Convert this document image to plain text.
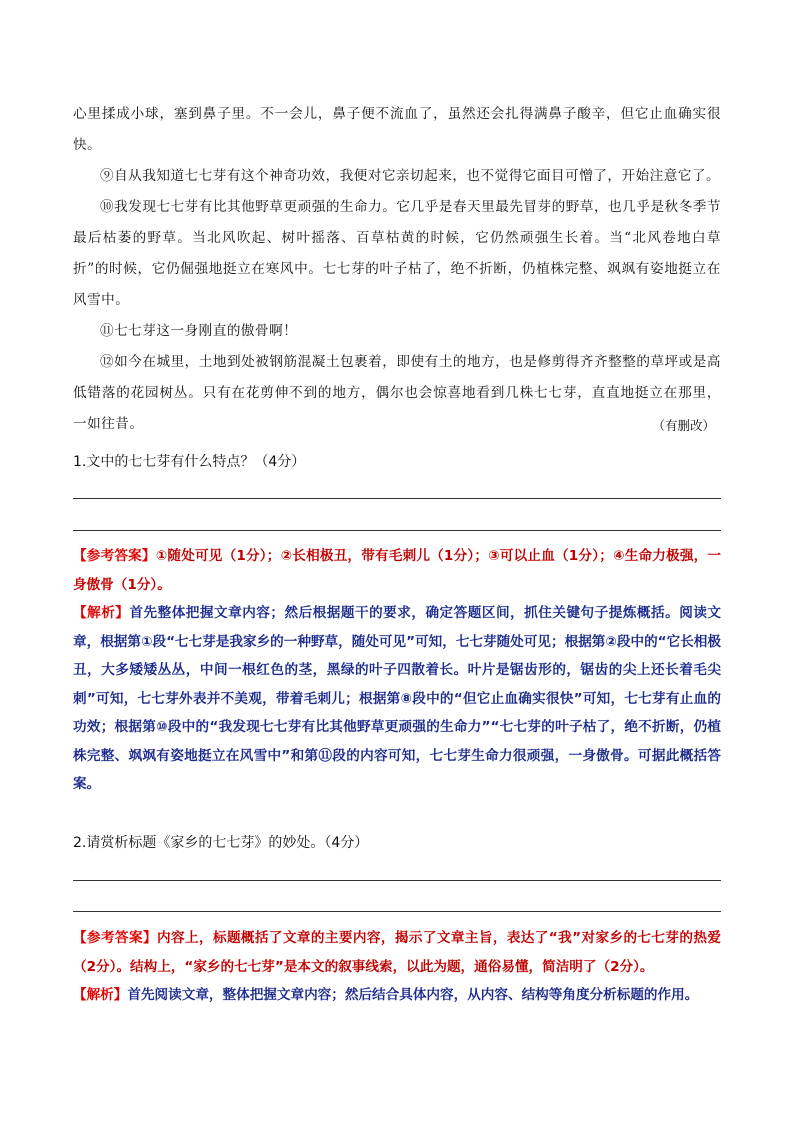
心里揉成小球，塞到鼻子里。不一会儿，鼻子便不流血了，虽然还会扎得满鼻子酸辛，但它止血确实很快。

⑨自从我知道七七芽有这个神奇功效，我便对它亲切起来，也不觉得它面目可憎了，开始注意它了。

⑩我发现七七芽有比其他野草更顽强的生命力。它几乎是春天里最先冒芽的野草，也几乎是秋冬季节最后枯萎的野草。当北风吹起、树叶摇落、百草枯黄的时候，它仍然顽强生长着。当“北风卷地白草折”的时候，它仍倔强地挺立在寒风中。七七芽的叶子枯了，绝不折断，仍植株完整、飒飒有姿地挺立在风雪中。

⑪七七芽这一身刚直的傲骨啊！

⑫如今在城里，土地到处被钢筋混凝土包裹着，即使有土的地方，也是修剪得齐齐整整的草坪或是高低错落的花园树丛。只有在花剪伸不到的地方，偶尔也会惊喜地看到几株七七芽，直直地挺立在那里，一如往昔。	（有删改）
1.文中的七七芽有什么特点？（4分）

【参考答案】①随处可见（1分）；②长相极丑，带有毛刺儿（1分）；③可以止血（1分）；④生命力极强，一身傲骨（1分）。

【解析】首先整体把握文章内容；然后根据题干的要求，确定答题区间，抓住关键句子提炼概括。阅读文章，根据第①段“七七芽是我家乡的一种野草，随处可见”可知，七七芽随处可见；根据第②段中的“它长相极丑，大多矮矮丛丛，中间一根红色的茎，黑绿的叶子四散着长。叶片是锯齿形的，锯齿的尖上还长着毛尖刺”可知，七七芽外表并不美观，带着毛刺儿；根据第⑧段中的“但它止血确实很快”可知，七七芽有止血的功效；根据第⑩段中的“我发现七七芽有比其他野草更顽强的生命力”“七七芽的叶子枯了，绝不折断，仍植株完整、飒飒有姿地挺立在风雪中”和第⑪段的内容可知，七七芽生命力很顽强，一身傲骨。可据此概括答案。

2.请赏析标题《家乡的七七芽》的妙处。（4分）

【参考答案】内容上，标题概括了文章的主要内容，揭示了文章主旨，表达了“我”对家乡的七七芽的热爱（2分）。结构上，“家乡的七七芽”是本文的叙事线索，以此为题，通俗易懂，简洁明了（2分）。

【解析】首先阅读文章，整体把握文章内容；然后结合具体内容，从内容、结构等角度分析标题的作用。
